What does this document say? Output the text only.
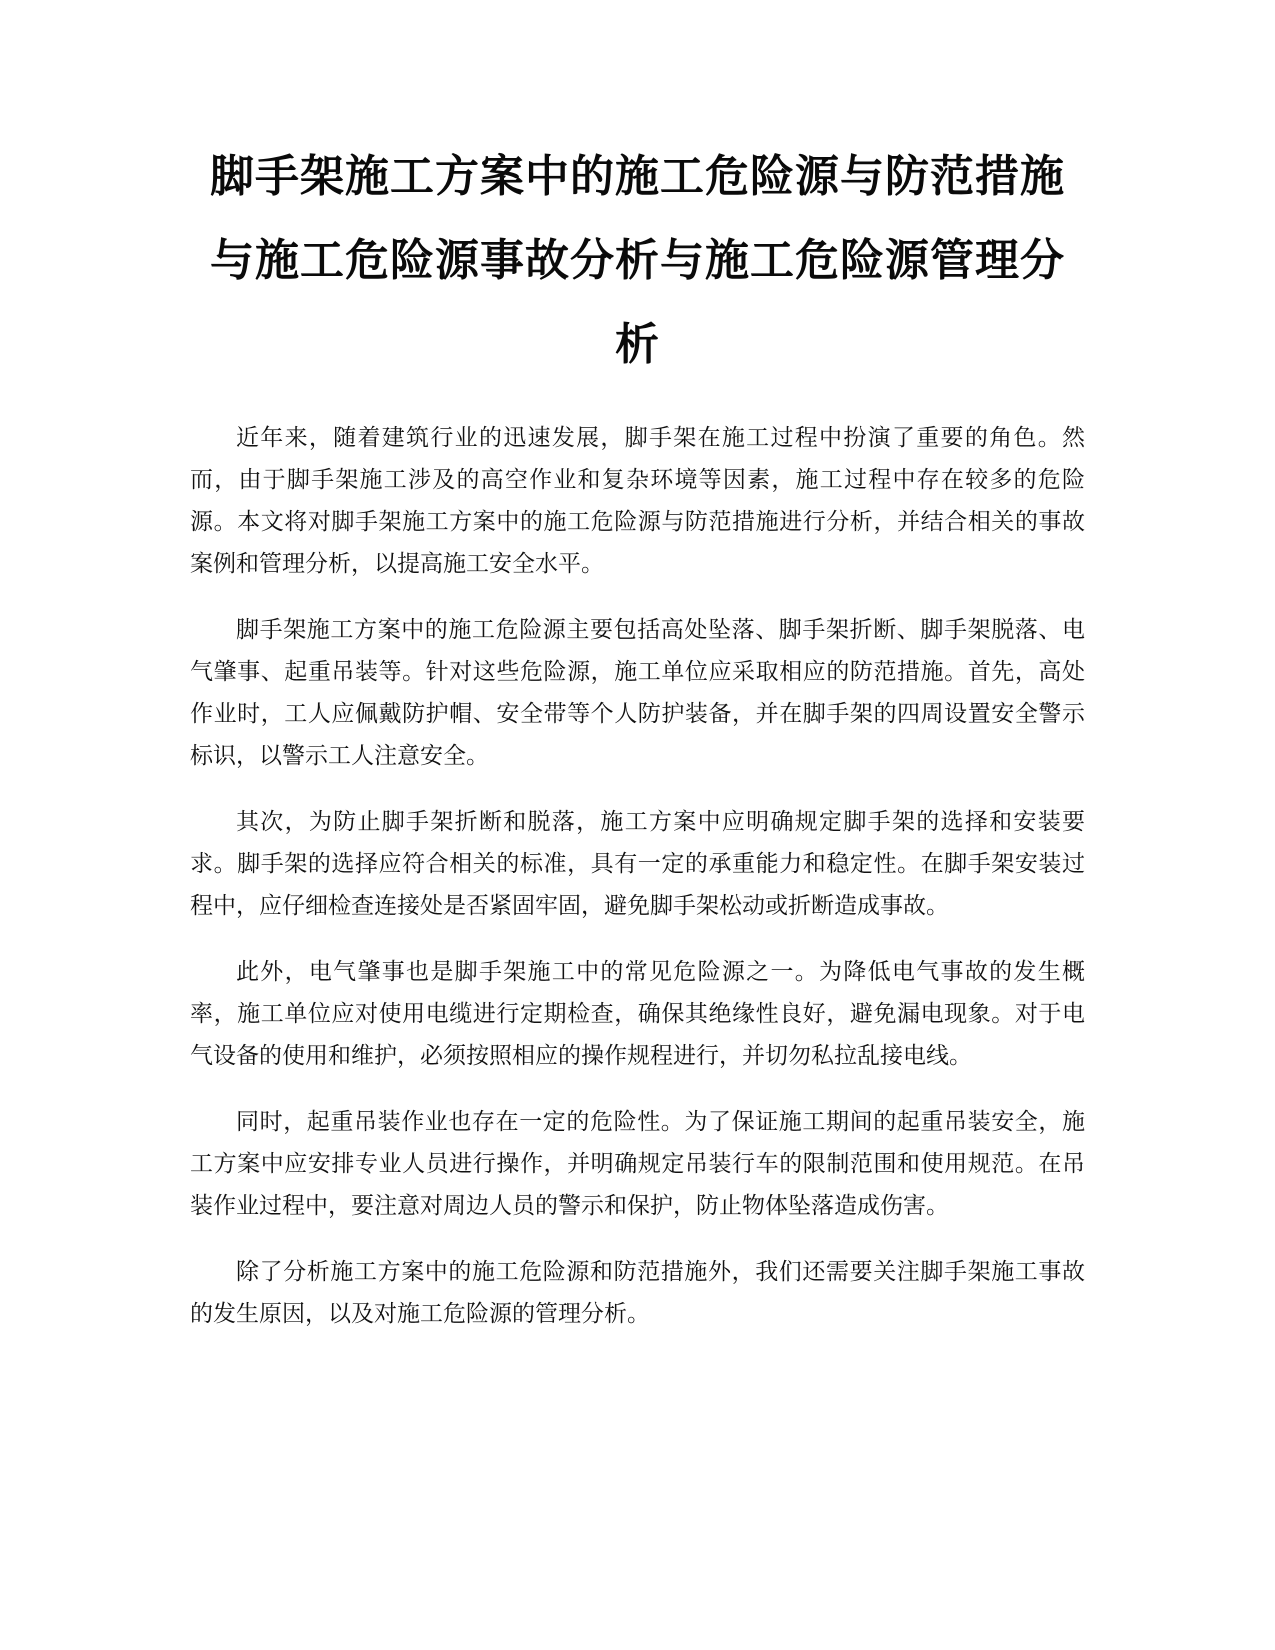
脚手架施工方案中的施工危险源与防范措施与施工危险源事故分析与施工危险源管理分析

近年来，随着建筑行业的迅速发展，脚手架在施工过程中扮演了重要的角色。然而，由于脚手架施工涉及的高空作业和复杂环境等因素，施工过程中存在较多的危险源。本文将对脚手架施工方案中的施工危险源与防范措施进行分析，并结合相关的事故案例和管理分析，以提高施工安全水平。

脚手架施工方案中的施工危险源主要包括高处坠落、脚手架折断、脚手架脱落、电气肇事、起重吊装等。针对这些危险源，施工单位应采取相应的防范措施。首先，高处作业时，工人应佩戴防护帽、安全带等个人防护装备，并在脚手架的四周设置安全警示标识，以警示工人注意安全。

其次，为防止脚手架折断和脱落，施工方案中应明确规定脚手架的选择和安装要求。脚手架的选择应符合相关的标准，具有一定的承重能力和稳定性。在脚手架安装过程中，应仔细检查连接处是否紧固牢固，避免脚手架松动或折断造成事故。

此外，电气肇事也是脚手架施工中的常见危险源之一。为降低电气事故的发生概率，施工单位应对使用电缆进行定期检查，确保其绝缘性良好，避免漏电现象。对于电气设备的使用和维护，必须按照相应的操作规程进行，并切勿私拉乱接电线。

同时，起重吊装作业也存在一定的危险性。为了保证施工期间的起重吊装安全，施工方案中应安排专业人员进行操作，并明确规定吊装行车的限制范围和使用规范。在吊装作业过程中，要注意对周边人员的警示和保护，防止物体坠落造成伤害。

除了分析施工方案中的施工危险源和防范措施外，我们还需要关注脚手架施工事故的发生原因，以及对施工危险源的管理分析。
